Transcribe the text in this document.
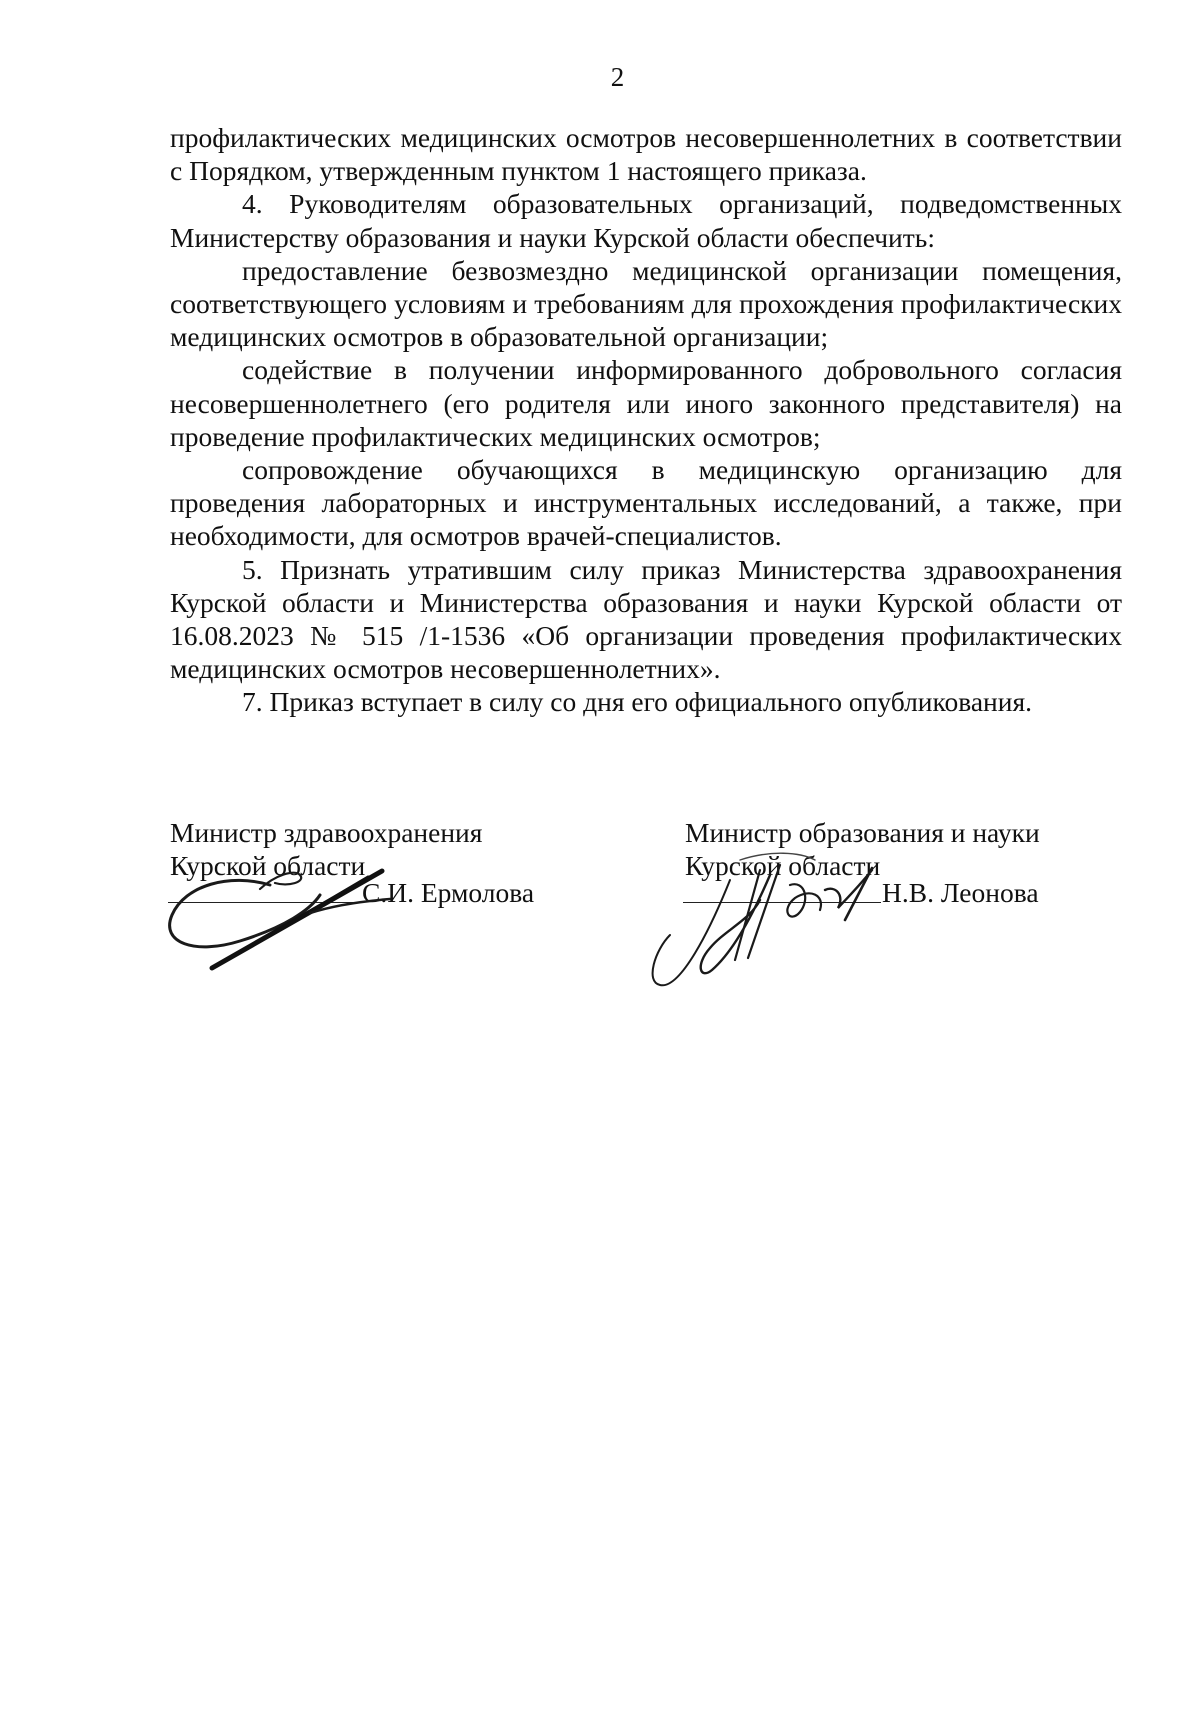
2

профилактических медицинских осмотров несовершеннолетних в соответствии с Порядком, утвержденным пунктом 1 настоящего приказа.

4. Руководителям образовательных организаций, подведомственных Министерству образования и науки Курской области обеспечить:

предоставление безвозмездно медицинской организации помещения, соответствующего условиям и требованиям для прохождения профилактических медицинских осмотров в образовательной организации;

содействие в получении информированного добровольного согласия несовершеннолетнего (его родителя или иного законного представителя) на проведение профилактических медицинских осмотров;

сопровождение обучающихся в медицинскую организацию для проведения лабораторных и инструментальных исследований, а также, при необходимости, для осмотров врачей-специалистов.

5. Признать утратившим силу приказ Министерства здравоохранения Курской области и Министерства образования и науки Курской области от 16.08.2023 № 515 /1-1536 «Об организации проведения профилактических медицинских осмотров несовершеннолетних».

7. Приказ вступает в силу со дня его официального опубликования.

Министр здравоохранения
Курской области
С.И. Ермолова
Министр образования и науки
Курской области
Н.В. Леонова
